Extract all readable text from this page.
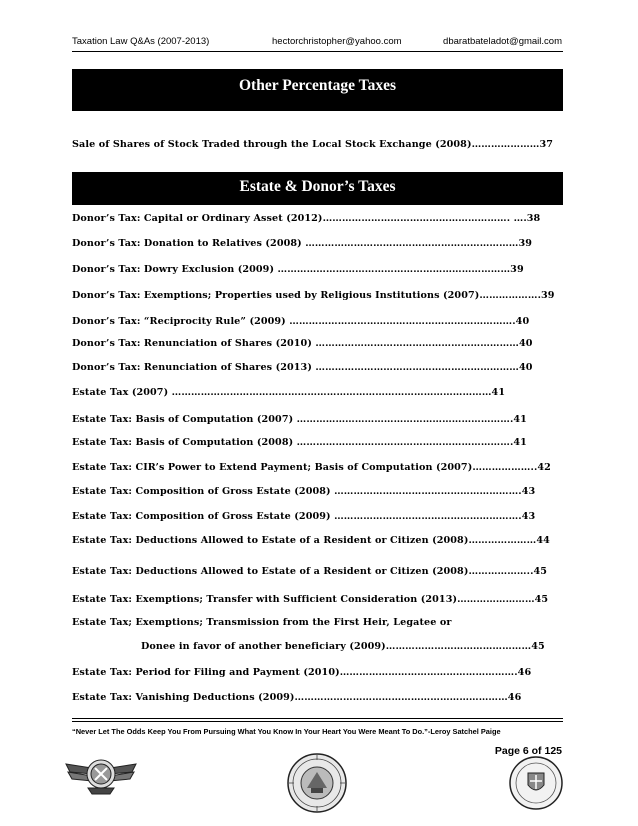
Taxation Law Q&As (2007-2013)	hectorchristopher@yahoo.com	dbaratbateladot@gmail.com
Other Percentage Taxes
Sale of Shares of Stock Traded through the Local Stock Exchange (2008)…………………37
Estate & Donor’s Taxes
Donor’s Tax: Capital or Ordinary Asset (2012)…………………………………………………. ….38
Donor’s Tax: Donation to Relatives (2008) …………………………………………………………39
Donor’s Tax: Dowry Exclusion (2009) ………………………………………………………………39
Donor’s Tax: Exemptions; Properties used by Religious Institutions (2007)……………….39
Donor’s Tax: “Reciprocity Rule” (2009) …………………………………………………………….40
Donor’s Tax: Renunciation of Shares (2010) ………………………………………………………40
Donor’s Tax: Renunciation of Shares (2013) ………………………………………………………40
Estate Tax (2007) ………………………………………………………………………………………41
Estate Tax: Basis of Computation (2007) ………………………………………………………….41
Estate Tax: Basis of Computation (2008) ………………………………………………………….41
Estate Tax: CIR’s Power to Extend Payment; Basis of Computation (2007)………………..42
Estate Tax: Composition of Gross Estate (2008) ………………………………………………….43
Estate Tax: Composition of Gross Estate (2009) ………………………………………………….43
Estate Tax: Deductions Allowed to Estate of a Resident or Citizen (2008)…………………44
Estate Tax: Deductions Allowed to Estate of a Resident or Citizen (2008)………………..45
Estate Tax: Exemptions; Transfer with Sufficient Consideration (2013)……………………45
Estate Tax; Exemptions; Transmission from the First Heir, Legatee or
Donee in favor of another beneficiary (2009)………………………………………45
Estate Tax: Period for Filing and Payment (2010)……………………………………………….46
Estate Tax: Vanishing Deductions (2009)…………………………………………………………46
“Never Let The Odds Keep You From Pursuing What You Know In Your Heart You Were Meant To Do.”-Leroy Satchel Paige
Page 6 of 125
